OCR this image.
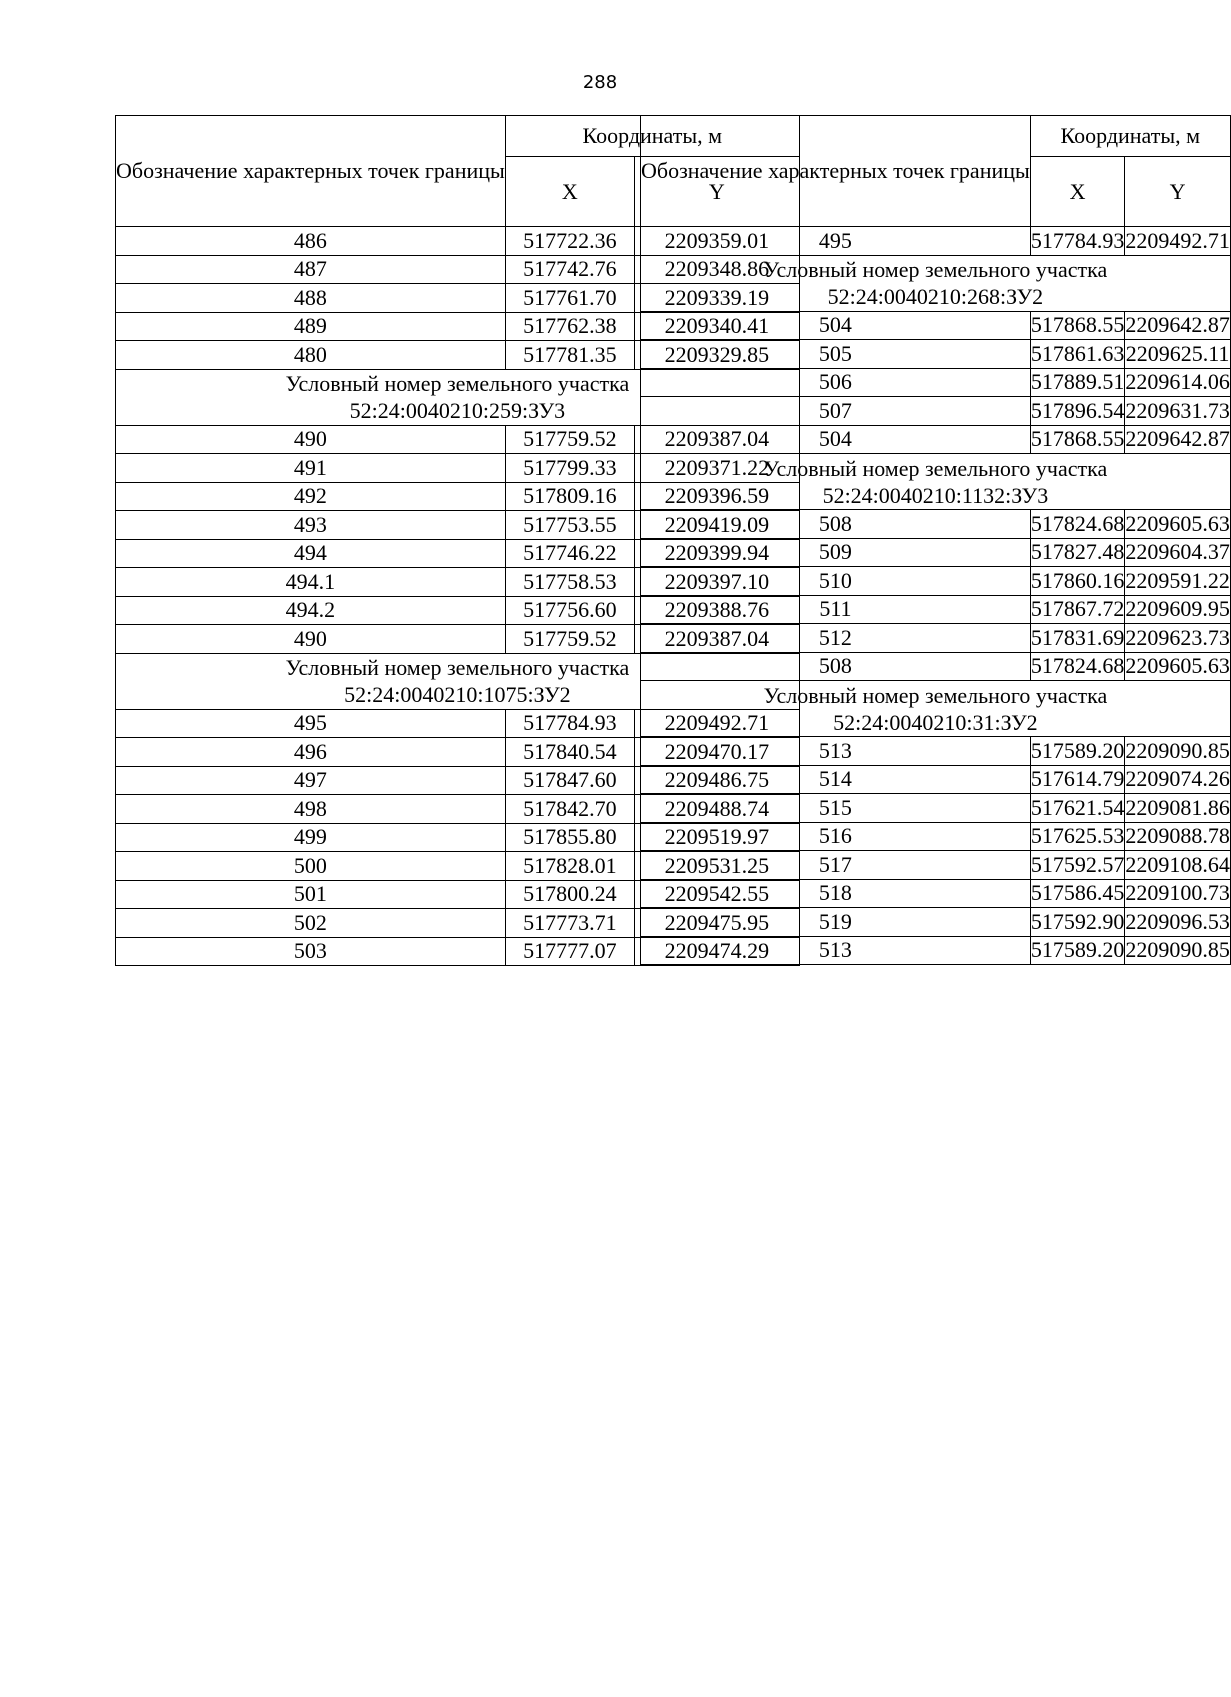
288
Обозначение характерных точек границы	Координаты, м	
	X	Y
486	517722.36	2209359.01
487	517742.76	2209348.86
488	517761.70	2209339.19
489	517762.38	2209340.41
480	517781.35	2209329.85

Условный номер земельного участка
52:24:0040210:259:ЗУ3		

490	517759.52	2209387.04
491	517799.33	2209371.22
492	517809.16	2209396.59
493	517753.55	2209419.09
494	517746.22	2209399.94
494.1	517758.53	2209397.10
494.2	517756.60	2209388.76
490	517759.52	2209387.04

Условный номер земельного участка
52:24:0040210:1075:ЗУ2		

495	517784.93	2209492.71
496	517840.54	2209470.17
497	517847.60	2209486.75
498	517842.70	2209488.74
499	517855.80	2209519.97
500	517828.01	2209531.25
501	517800.24	2209542.55
502	517773.71	2209475.95
503	517777.07	2209474.29
Обозначение характерных точек границы	Координаты, м	
	X	Y
495	517784.93	2209492.71

Условный номер земельного участка
52:24:0040210:268:ЗУ2		

504	517868.55	2209642.87
505	517861.63	2209625.11
506	517889.51	2209614.06
507	517896.54	2209631.73
504	517868.55	2209642.87

Условный номер земельного участка
52:24:0040210:1132:ЗУ3		

508	517824.68	2209605.63
509	517827.48	2209604.37
510	517860.16	2209591.22
511	517867.72	2209609.95
512	517831.69	2209623.73
508	517824.68	2209605.63

Условный номер земельного участка
52:24:0040210:31:ЗУ2		

513	517589.20	2209090.85
514	517614.79	2209074.26
515	517621.54	2209081.86
516	517625.53	2209088.78
517	517592.57	2209108.64
518	517586.45	2209100.73
519	517592.90	2209096.53
513	517589.20	2209090.85
